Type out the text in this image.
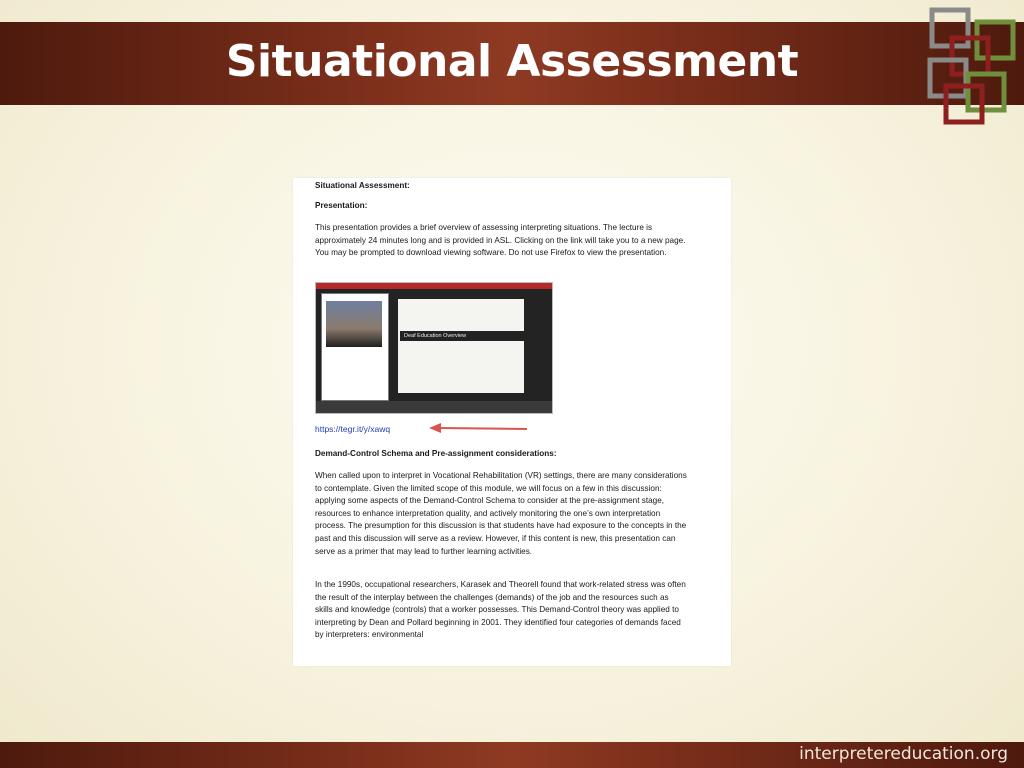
Situational Assessment
Situational Assessment:
Presentation:

This presentation provides a brief overview of assessing interpreting situations. The lecture is approximately 24 minutes long and is provided in ASL. Clicking on the link will take you to a new page. You may be prompted to download viewing software. Do not use Firefox to view the presentation.

Deaf Education Overview
https://tegr.it/y/xawq
Demand-Control Schema and Pre-assignment considerations:

When called upon to interpret in Vocational Rehabilitation (VR) settings, there are many considerations to contemplate. Given the limited scope of this module, we will focus on a few in this discussion: applying some aspects of the Demand-Control Schema to consider at the pre-assignment stage, resources to enhance interpretation quality, and actively monitoring the one’s own interpretation process. The presumption for this discussion is that students have had exposure to the concepts in the past and this discussion will serve as a review. However, if this content is new, this presentation can serve as a primer that may lead to further learning activities.

In the 1990s, occupational researchers, Karasek and Theorell found that work-related stress was often the result of the interplay between the challenges (demands) of the job and the resources such as skills and knowledge (controls) that a worker possesses. This Demand-Control theory was applied to interpreting by Dean and Pollard beginning in 2001. They identified four categories of demands faced by interpreters: environmental

interpretereducation.org
